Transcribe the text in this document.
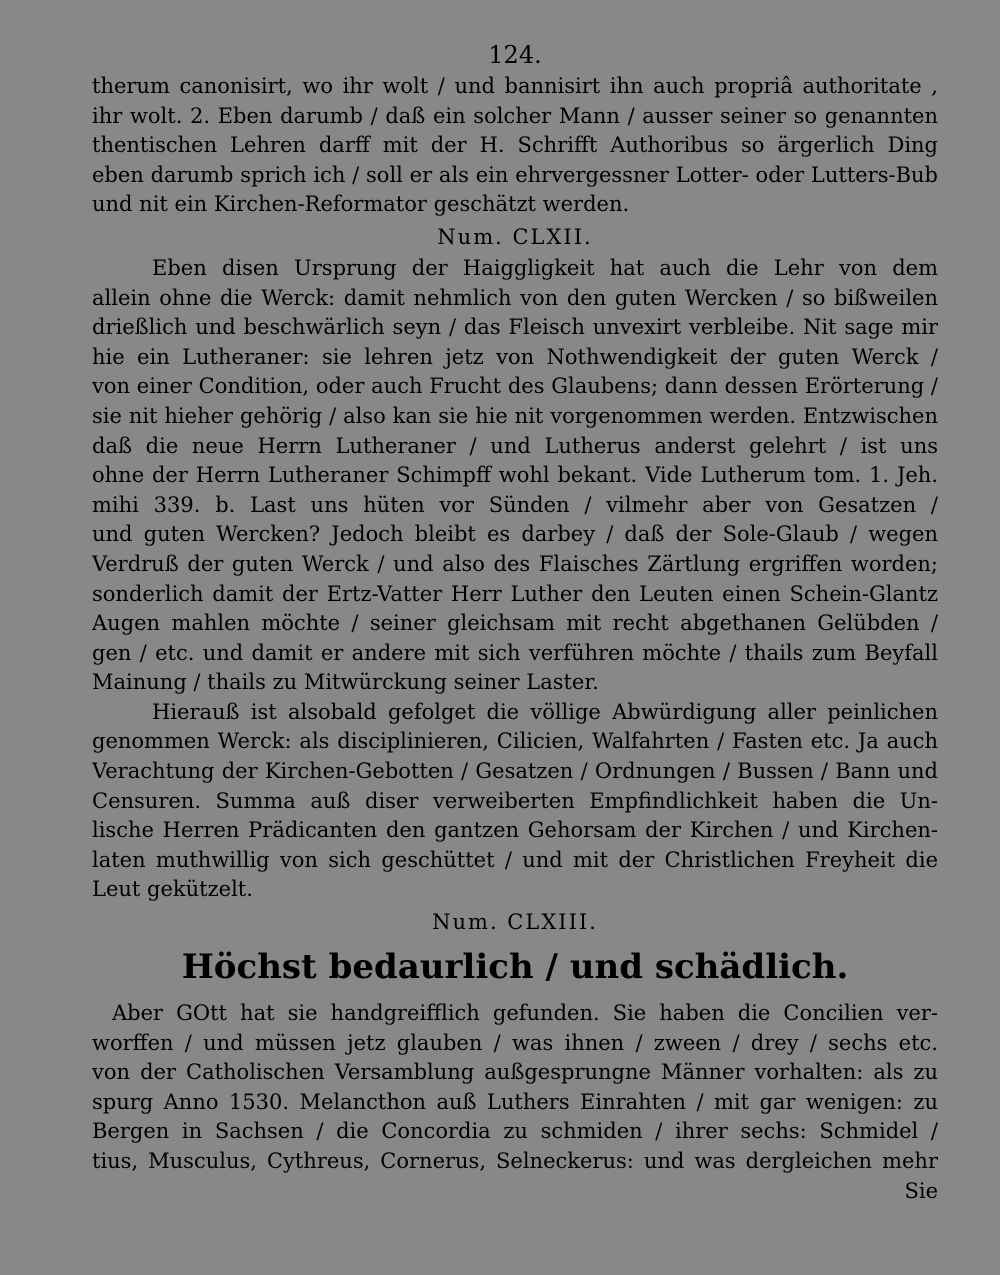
124.
therum canonisirt, wo ihr wolt / und bannisirt ihn auch propriâ authoritate ,
ihr wolt. 2. Eben darumb / daß ein solcher Mann / ausser seiner so genannten
thentischen Lehren darff mit der H. Schrifft Authoribus so ärgerlich Ding
eben darumb sprich ich / soll er als ein ehrvergessner Lotter- oder Lutters-Bub
und nit ein Kirchen-Reformator geschätzt werden.
Num. CLXII.
Eben disen Ursprung der Haiggligkeit hat auch die Lehr von dem
allein ohne die Werck: damit nehmlich von den guten Wercken / so bißweilen
drießlich und beschwärlich seyn / das Fleisch unvexirt verbleibe. Nit sage mir
hie ein Lutheraner: sie lehren jetz von Nothwendigkeit der guten Werck /
von einer Condition, oder auch Frucht des Glaubens; dann dessen Erörterung /
sie nit hieher gehörig / also kan sie hie nit vorgenommen werden. Entzwischen
daß die neue Herrn Lutheraner / und Lutherus anderst gelehrt / ist uns
ohne der Herrn Lutheraner Schimpff wohl bekant. Vide Lutherum tom. 1. Jeh.
mihi 339. b. Last uns hüten vor Sünden / vilmehr aber von Gesatzen /
und guten Wercken? Jedoch bleibt es darbey / daß der Sole-Glaub / wegen
Verdruß der guten Werck / und also des Flaisches Zärtlung ergriffen worden;
sonderlich damit der Ertz-Vatter Herr Luther den Leuten einen Schein-Glantz
Augen mahlen möchte / seiner gleichsam mit recht abgethanen Gelübden /
gen / etc. und damit er andere mit sich verführen möchte / thails zum Beyfall
Mainung / thails zu Mitwürckung seiner Laster.
Hierauß ist alsobald gefolget die völlige Abwürdigung aller peinlichen
genommen Werck: als disciplinieren, Cilicien, Walfahrten / Fasten etc. Ja auch
Verachtung der Kirchen-Gebotten / Gesatzen / Ordnungen / Bussen / Bann und
Censuren. Summa auß diser verweiberten Empfindlichkeit haben die Un-
lische Herren Prädicanten den gantzen Gehorsam der Kirchen / und Kirchen-
laten muthwillig von sich geschüttet / und mit der Christlichen Freyheit die
Leut gekützelt.
Num. CLXIII.
Höchst bedaurlich / und schädlich.
Aber GOtt hat sie handgreifflich gefunden. Sie haben die Concilien ver-
worffen / und müssen jetz glauben / was ihnen / zween / drey / sechs etc.
von der Catholischen Versamblung außgesprungne Männer vorhalten: als zu
spurg Anno 1530. Melancthon auß Luthers Einrahten / mit gar wenigen: zu
Bergen in Sachsen / die Concordia zu schmiden / ihrer sechs: Schmidel /
tius, Musculus, Cythreus, Cornerus, Selneckerus: und was dergleichen mehr
Sie
